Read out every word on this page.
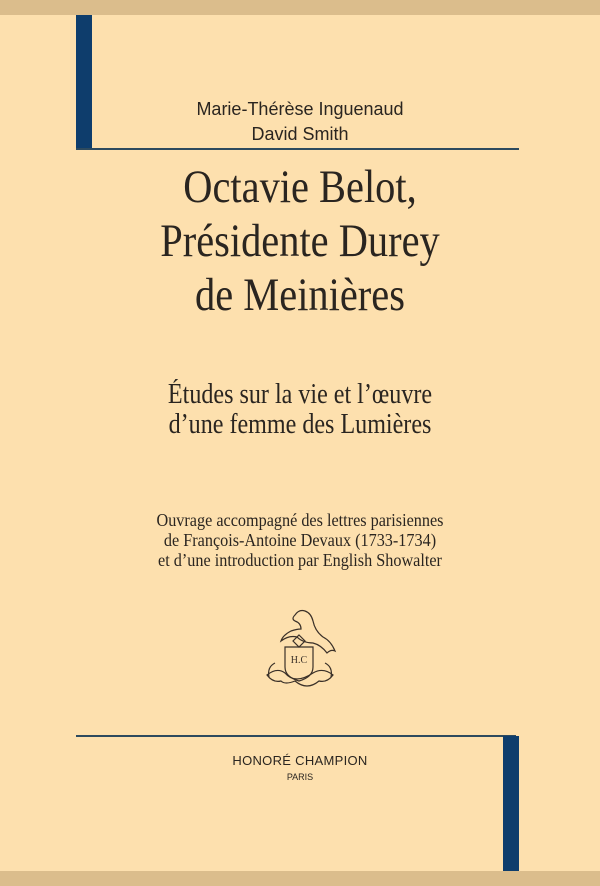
Marie-Thérèse Inguenaud
David Smith
Octavie Belot,
Présidente Durey
de Meinières
Études sur la vie et l’œuvre
d’une femme des Lumières
Ouvrage accompagné des lettres parisiennes
de François-Antoine Devaux (1733-1734)
et d’une introduction par English Showalter
H.C
HONORÉ CHAMPION
PARIS
